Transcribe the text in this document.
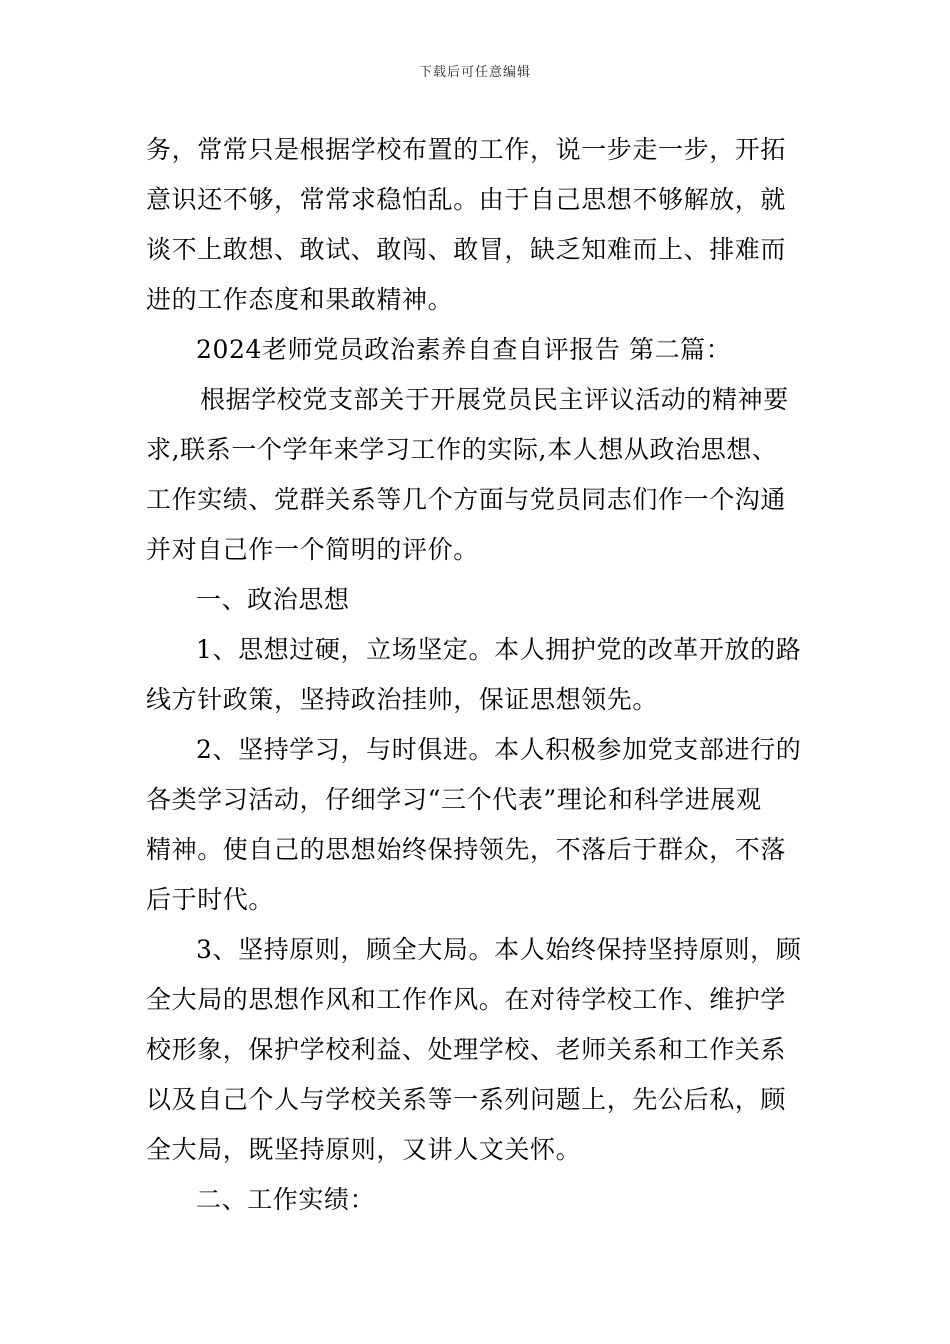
下载后可任意编辑
务，常常只是根据学校布置的工作，说一步走一步，开拓
意识还不够，常常求稳怕乱。由于自己思想不够解放，就
谈不上敢想、敢试、敢闯、敢冒，缺乏知难而上、排难而
进的工作态度和果敢精神。
2024老师党员政治素养自查自评报告 第二篇：
根据学校党支部关于开展党员民主评议活动的精神要
求,联系一个学年来学习工作的实际,本人想从政治思想、
工作实绩、党群关系等几个方面与党员同志们作一个沟通
并对自己作一个简明的评价。
一、政治思想
1、思想过硬，立场坚定。本人拥护党的改革开放的路
线方针政策，坚持政治挂帅，保证思想领先。
2、坚持学习，与时俱进。本人积极参加党支部进行的
各类学习活动，仔细学习“三个代表”理论和科学进展观
精神。使自己的思想始终保持领先，不落后于群众，不落
后于时代。
3、坚持原则，顾全大局。本人始终保持坚持原则，顾
全大局的思想作风和工作作风。在对待学校工作、维护学
校形象，保护学校利益、处理学校、老师关系和工作关系
以及自己个人与学校关系等一系列问题上，先公后私，顾
全大局，既坚持原则，又讲人文关怀。
二、工作实绩：
